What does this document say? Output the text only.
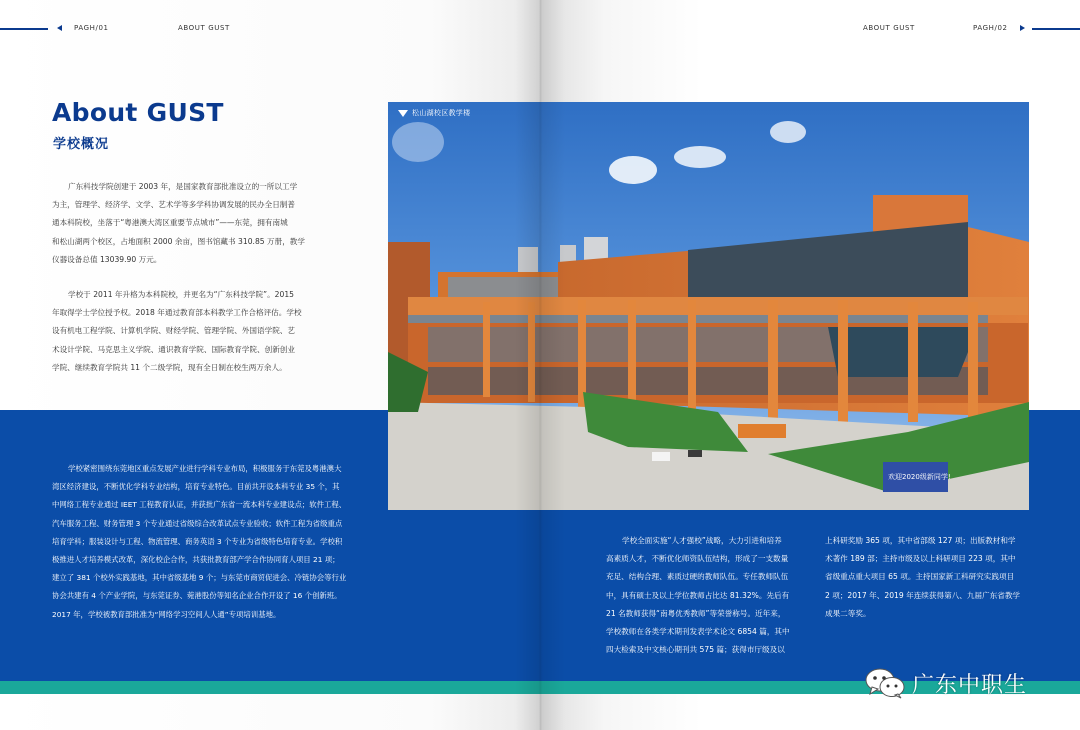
PAGH/01	ABOUT GUST
About GUST
学校概况
广东科技学院创建于 2003 年，是国家教育部批准设立的一所以工学
为主，管理学、经济学、文学、艺术学等多学科协调发展的民办全日制普
通本科院校，坐落于“粤港澳大湾区重要节点城市”——东莞，拥有南城
和松山湖两个校区，占地面积 2000 余亩，图书馆藏书 310.85 万册，教学
仪器设备总值 13039.90 万元。
学校于 2011 年升格为本科院校，并更名为“广东科技学院”。2015
年取得学士学位授予权。2018 年通过教育部本科教学工作合格评估。学校
设有机电工程学院、计算机学院、财经学院、管理学院、外国语学院、艺
术设计学院、马克思主义学院、通识教育学院、国际教育学院、创新创业
学院、继续教育学院共 11 个二级学院，现有全日制在校生两万余人。
学校紧密围绕东莞地区重点发展产业进行学科专业布局，积极服务于东莞及粤港澳大
湾区经济建设，不断优化学科专业结构，培育专业特色。目前共开设本科专业 35 个，其
中网络工程专业通过 IEET 工程教育认证，并获批广东省一流本科专业建设点；软件工程、
汽车服务工程、财务管理 3 个专业通过省级综合改革试点专业验收；软件工程为省级重点
培育学科；服装设计与工程、物流管理、商务英语 3 个专业为省级特色培育专业。学校积
极推进人才培养模式改革，深化校企合作，共获批教育部产学合作协同育人项目 21 项；
建立了 381 个校外实践基地，其中省级基地 9 个；与东莞市商贸促进会、冷链协会等行业
协会共建有 4 个产业学院，与东莞证券、菀港股份等知名企业合作开设了 16 个创新班。
2017 年，学校被教育部批准为“网络学习空间人人通”专项培训基地。
ABOUT GUST	PAGH/02
学校全面实施“人才强校”战略，大力引进和培养
高素质人才，不断优化师资队伍结构，形成了一支数量
充足、结构合理、素质过硬的教师队伍。专任教师队伍
中，具有硕士及以上学位教师占比达 81.32%。先后有
21 名教师获得“南粤优秀教师”等荣誉称号。近年来，
学校教师在各类学术期刊发表学术论文 6854 篇，其中
四大检索及中文核心期刊共 575 篇；获得市厅级及以
上科研奖励 365 项，其中省部级 127 项；出版教材和学
术著作 189 部；主持市级及以上科研项目 223 项，其中
省级重点重大项目 65 项。主持国家新工科研究实践项目
2 项；2017 年、2019 年连续获得第八、九届广东省教学
成果二等奖。
欢迎2020级新同学!
松山湖校区教学楼
广东中职生
